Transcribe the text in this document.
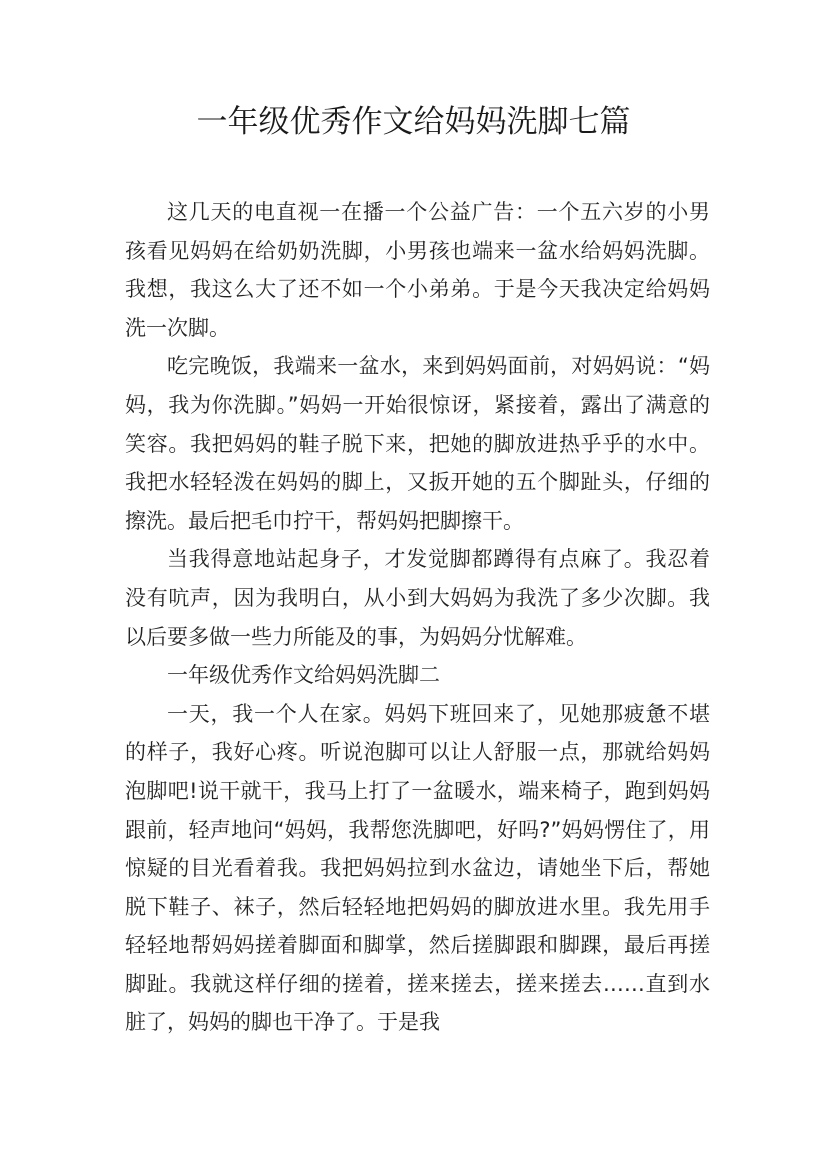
一年级优秀作文给妈妈洗脚七篇

这几天的电直视一在播一个公益广告：一个五六岁的小男孩看见妈妈在给奶奶洗脚，小男孩也端来一盆水给妈妈洗脚。我想，我这么大了还不如一个小弟弟。于是今天我决定给妈妈洗一次脚。

吃完晚饭，我端来一盆水，来到妈妈面前，对妈妈说：“妈妈，我为你洗脚。”妈妈一开始很惊讶，紧接着，露出了满意的笑容。我把妈妈的鞋子脱下来，把她的脚放进热乎乎的水中。我把水轻轻泼在妈妈的脚上，又扳开她的五个脚趾头，仔细的擦洗。最后把毛巾拧干，帮妈妈把脚擦干。

当我得意地站起身子，才发觉脚都蹲得有点麻了。我忍着没有吭声，因为我明白，从小到大妈妈为我洗了多少次脚。我以后要多做一些力所能及的事，为妈妈分忧解难。

一年级优秀作文给妈妈洗脚二

一天，我一个人在家。妈妈下班回来了，见她那疲惫不堪的样子，我好心疼。听说泡脚可以让人舒服一点，那就给妈妈泡脚吧!说干就干，我马上打了一盆暖水，端来椅子，跑到妈妈跟前，轻声地问“妈妈，我帮您洗脚吧，好吗?”妈妈愣住了，用惊疑的目光看着我。我把妈妈拉到水盆边，请她坐下后，帮她脱下鞋子、袜子，然后轻轻地把妈妈的脚放进水里。我先用手轻轻地帮妈妈搓着脚面和脚掌，然后搓脚跟和脚踝，最后再搓脚趾。我就这样仔细的搓着，搓来搓去，搓来搓去……直到水脏了，妈妈的脚也干净了。于是我
